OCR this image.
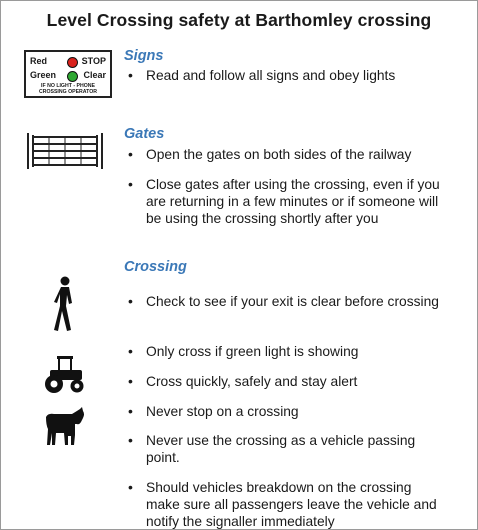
Level Crossing safety at Barthomley crossing
Red	STOP
Green	Clear
IF NO LIGHT - PHONE
CROSSING OPERATOR
Signs
• Read and follow all signs and obey lights
Gates
• Open the gates on both sides of the railway
• Close gates after using the crossing, even if you are returning in a few minutes or if someone will be using the crossing shortly after you
Crossing
• Check to see if your exit is clear before crossing
• Only cross if green light is showing
• Cross quickly, safely and stay alert
• Never stop on a crossing
• Never use the crossing as a vehicle passing point.
• Should vehicles breakdown on the crossing make sure all passengers leave the vehicle and notify the signaller immediately
